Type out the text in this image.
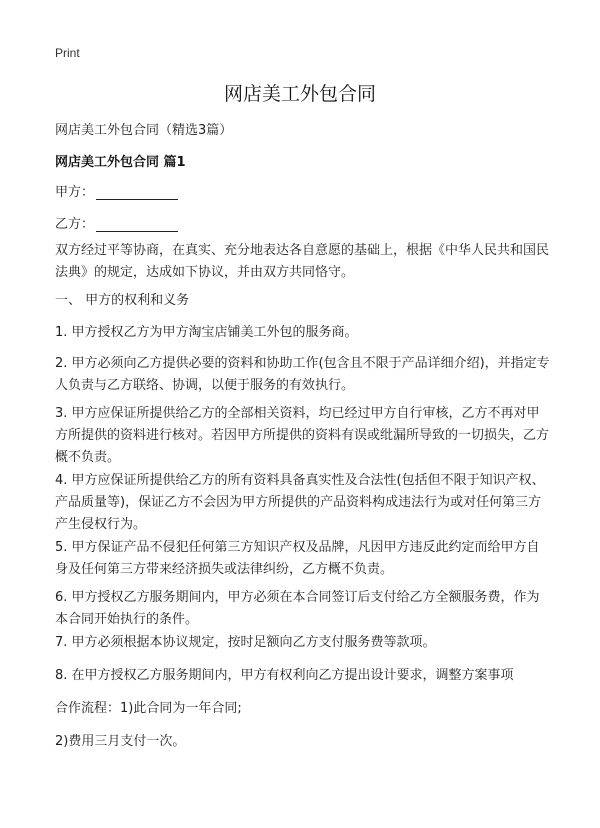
Print
网店美工外包合同
网店美工外包合同（精选3篇）
网店美工外包合同 篇1
甲方：
乙方：

双方经过平等协商，在真实、充分地表达各自意愿的基础上，根据《中华人民共和国民法典》的规定，达成如下协议，并由双方共同恪守。

一、 甲方的权利和义务

1. 甲方授权乙方为甲方淘宝店铺美工外包的服务商。

2. 甲方必须向乙方提供必要的资料和协助工作(包含且不限于产品详细介绍)，并指定专人负责与乙方联络、协调，以便于服务的有效执行。

3. 甲方应保证所提供给乙方的全部相关资料，均已经过甲方自行审核，乙方不再对甲方所提供的资料进行核对。若因甲方所提供的资料有误或纰漏所导致的一切损失，乙方概不负责。

4. 甲方应保证所提供给乙方的所有资料具备真实性及合法性(包括但不限于知识产权、产品质量等)，保证乙方不会因为甲方所提供的产品资料构成违法行为或对任何第三方产生侵权行为。

5. 甲方保证产品不侵犯任何第三方知识产权及品牌，凡因甲方违反此约定而给甲方自身及任何第三方带来经济损失或法律纠纷，乙方概不负责。

6. 甲方授权乙方服务期间内，甲方必须在本合同签订后支付给乙方全额服务费，作为本合同开始执行的条件。

7. 甲方必须根据本协议规定，按时足额向乙方支付服务费等款项。

8. 在甲方授权乙方服务期间内，甲方有权利向乙方提出设计要求，调整方案事项

合作流程：1)此合同为一年合同;

2)费用三月支付一次。
